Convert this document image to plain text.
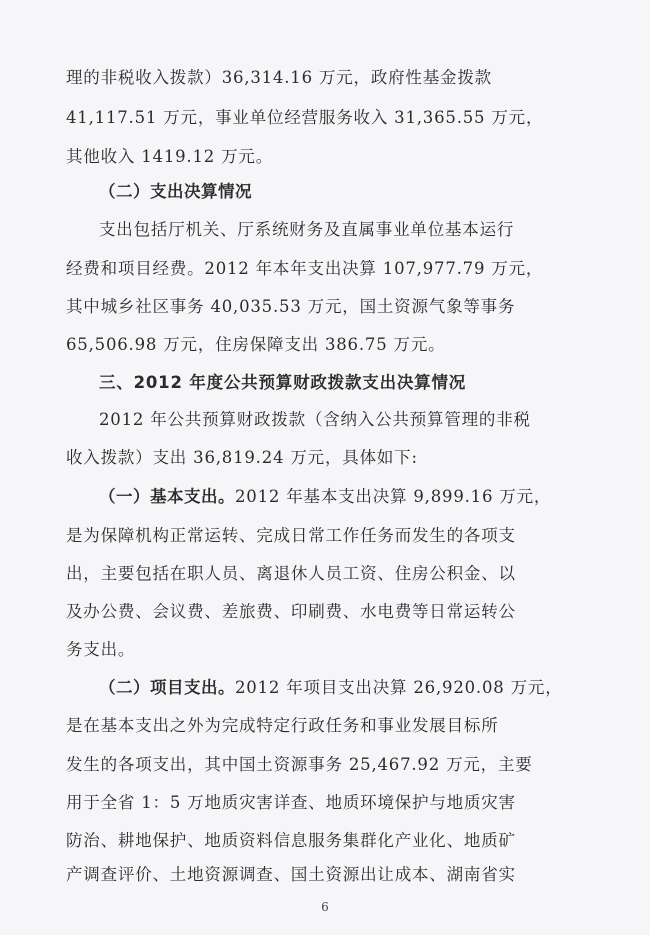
理的非税收入拨款）36,314.16 万元，政府性基金拨款
41,117.51 万元，事业单位经营服务收入 31,365.55 万元，
其他收入 1419.12 万元。
（二）支出决算情况
支出包括厅机关、厅系统财务及直属事业单位基本运行
经费和项目经费。2012 年本年支出决算 107,977.79 万元，
其中城乡社区事务 40,035.53 万元，国土资源气象等事务
65,506.98 万元，住房保障支出 386.75 万元。
三、2012 年度公共预算财政拨款支出决算情况
2012 年公共预算财政拨款（含纳入公共预算管理的非税
收入拨款）支出 36,819.24 万元，具体如下:
（一）基本支出。2012 年基本支出决算 9,899.16 万元，
是为保障机构正常运转、完成日常工作任务而发生的各项支
出，主要包括在职人员、离退休人员工资、住房公积金、以
及办公费、会议费、差旅费、印刷费、水电费等日常运转公
务支出。
（二）项目支出。2012 年项目支出决算 26,920.08 万元，
是在基本支出之外为完成特定行政任务和事业发展目标所
发生的各项支出，其中国土资源事务 25,467.92 万元，主要
用于全省 1：5 万地质灾害详查、地质环境保护与地质灾害
防治、耕地保护、地质资料信息服务集群化产业化、地质矿
产调查评价、土地资源调查、国土资源出让成本、湖南省实
6
